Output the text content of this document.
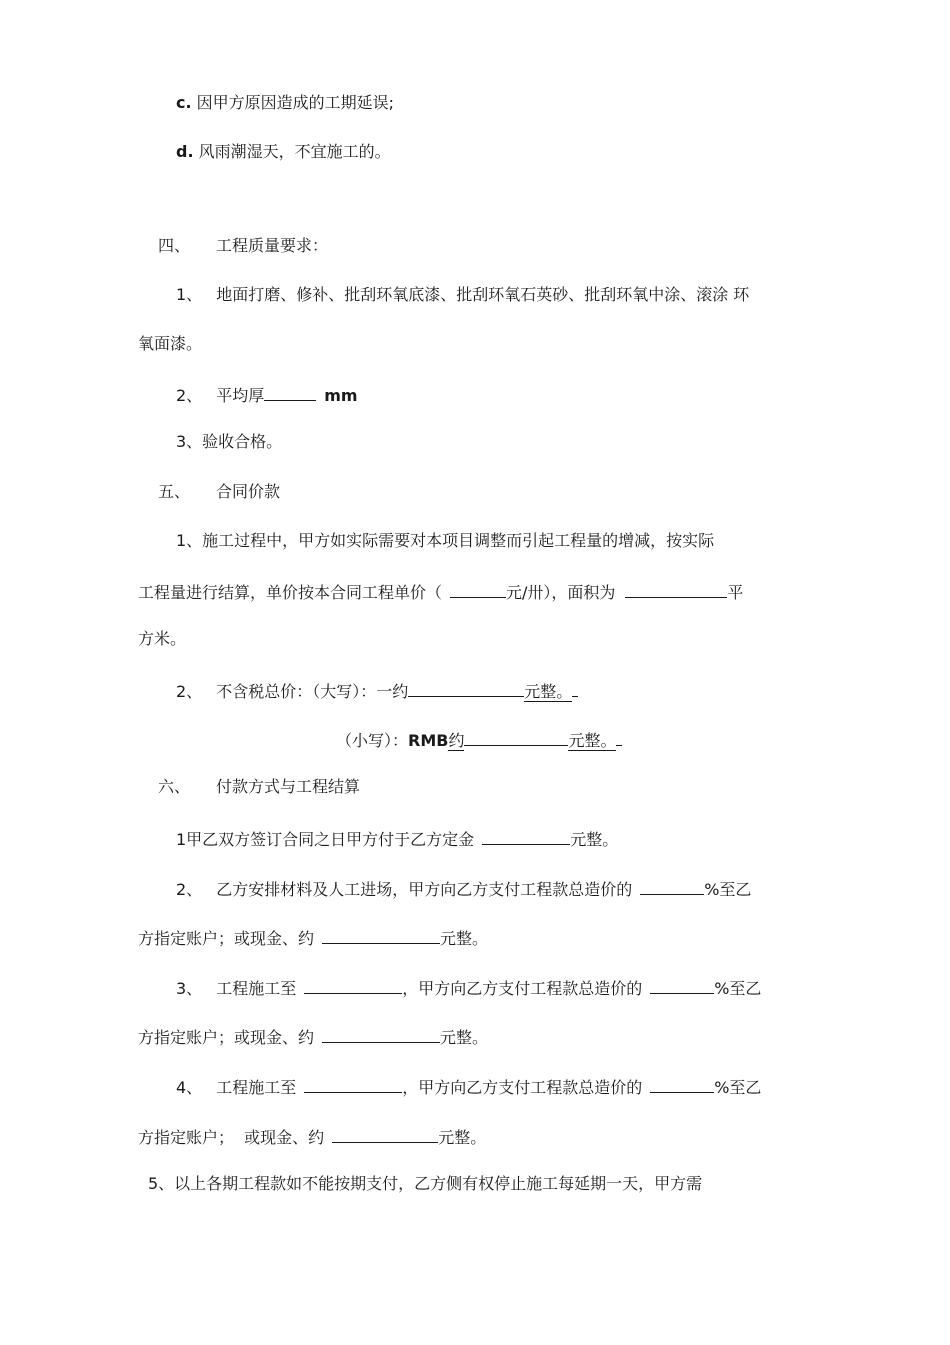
c. 因甲方原因造成的工期延误;
d. 风雨潮湿天，不宜施工的。
四、 工程质量要求：
1、 地面打磨、修补、批刮环氧底漆、批刮环氧石英砂、批刮环氧中涂、滚涂 环
氧面漆。
2、 平均厚	mm
3、验收合格。
五、 合同价款
1、施工过程中，甲方如实际需要对本项目调整而引起工程量的增减，按实际
工程量进行结算，单价按本合同工程单价（	元/卅），面积为	平
方米。
2、 不含税总价：（大写）：一约	元整。
（小写）：RMB约	元整。
六、 付款方式与工程结算
1甲乙双方签订合同之日甲方付于乙方定金	元整。
2、 乙方安排材料及人工进场，甲方向乙方支付工程款总造价的	%至乙
方指定账户；或现金、约	元整。
3、 工程施工至	，甲方向乙方支付工程款总造价的	%至乙
方指定账户；或现金、约	元整。
4、 工程施工至	，甲方向乙方支付工程款总造价的	%至乙
方指定账户；  或现金、约	元整。
5、以上各期工程款如不能按期支付，乙方侧有权停止施工每延期一天，甲方需
